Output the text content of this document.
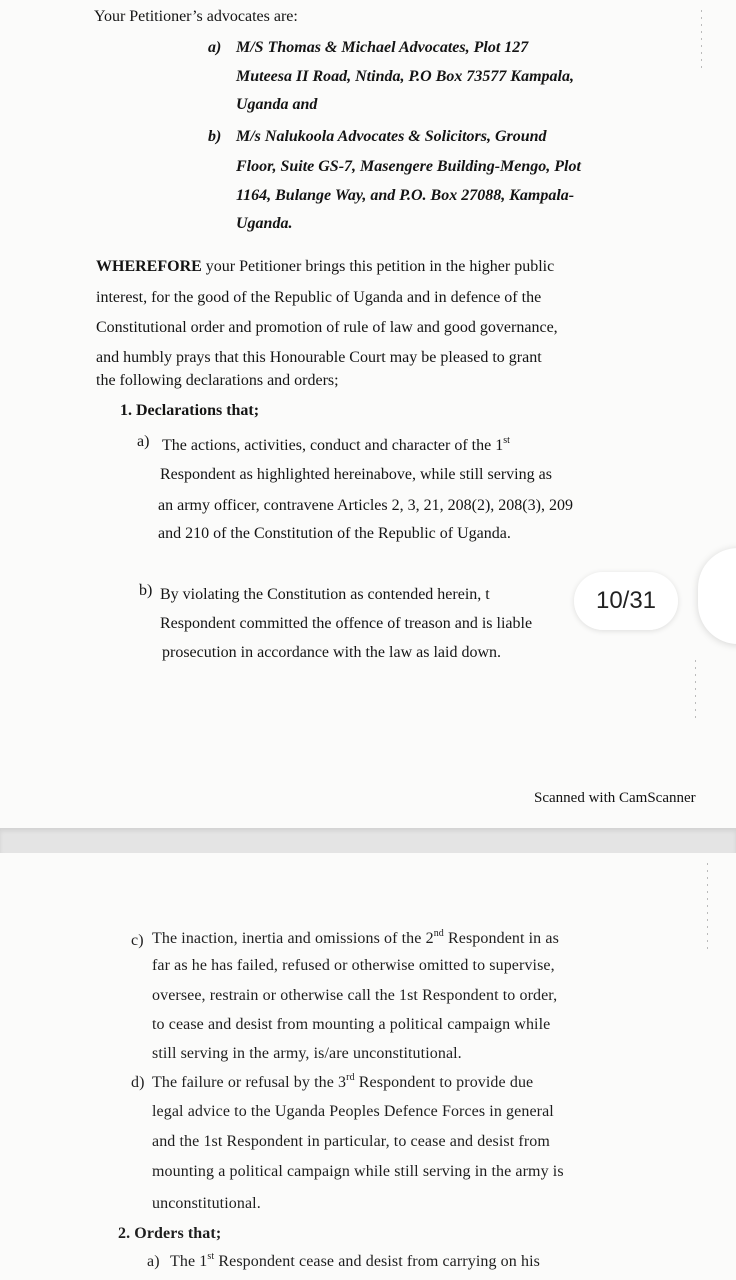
Your Petitioner’s advocates are:
a) M/S Thomas & Michael Advocates, Plot 127
Muteesa II Road, Ntinda, P.O Box 73577 Kampala,
Uganda and
b) M/s Nalukoola Advocates & Solicitors, Ground
Floor, Suite GS-7, Masengere Building-Mengo, Plot
1164, Bulange Way, and P.O. Box 27088, Kampala-
Uganda.
WHEREFORE your Petitioner brings this petition in the higher public
interest, for the good of the Republic of Uganda and in defence of the
Constitutional order and promotion of rule of law and good governance,
and humbly prays that this Honourable Court may be pleased to grant
the following declarations and orders;
1. Declarations that;
a) The actions, activities, conduct and character of the 1st
Respondent as highlighted hereinabove, while still serving as
an army officer, contravene Articles 2, 3, 21, 208(2), 208(3), 209
and 210 of the Constitution of the Republic of Uganda.
b) By violating the Constitution as contended herein, t
Respondent committed the offence of treason and is liable
prosecution in accordance with the law as laid down.
Scanned with CamScanner
c) The inaction, inertia and omissions of the 2nd Respondent in as
far as he has failed, refused or otherwise omitted to supervise,
oversee, restrain or otherwise call the 1st Respondent to order,
to cease and desist from mounting a political campaign while
still serving in the army, is/are unconstitutional.
d) The failure or refusal by the 3rd Respondent to provide due
legal advice to the Uganda Peoples Defence Forces in general
and the 1st Respondent in particular, to cease and desist from
mounting a political campaign while still serving in the army is
unconstitutional.
2. Orders that;
a) The 1st Respondent cease and desist from carrying on his
10/31
